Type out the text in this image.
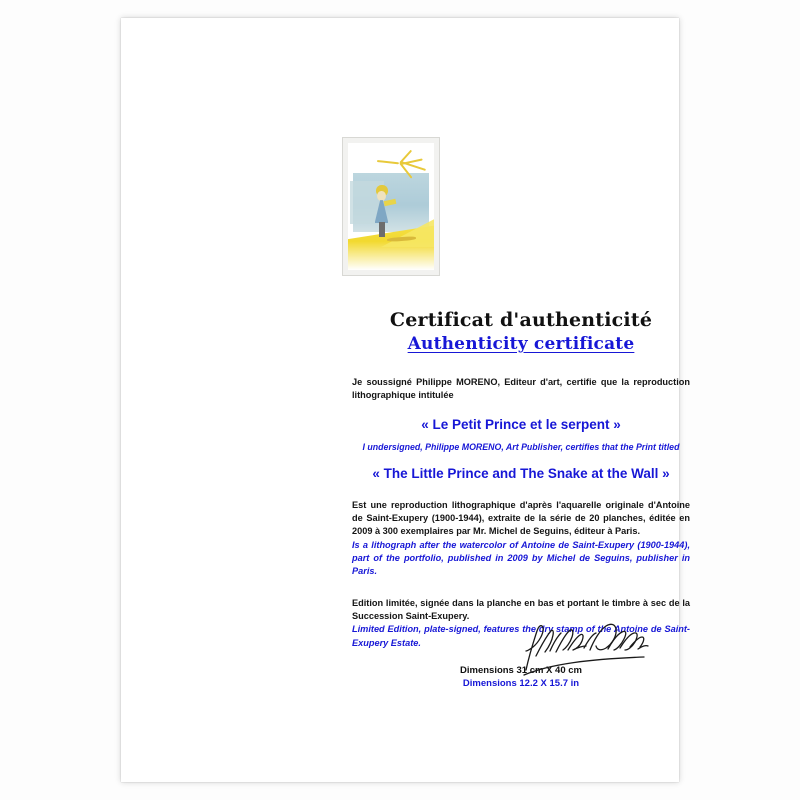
Certificat d'authenticité
Authenticity certificate

Je soussigné Philippe MORENO, Editeur d'art, certifie que la reproduction lithographique intitulée

« Le Petit Prince et le serpent »

I undersigned, Philippe MORENO, Art Publisher, certifies that the Print titled

« The Little Prince and The Snake at the Wall »

Est une reproduction lithographique d'après l'aquarelle originale d'Antoine de Saint-Exupery (1900-1944), extraite de la série de 20 planches, éditée en 2009 à 300 exemplaires par Mr. Michel de Seguins, éditeur à Paris.

Is a lithograph after the watercolor of Antoine de Saint-Exupery (1900-1944), part of the portfolio, published in 2009 by Michel de Seguins, publisher in Paris.

Edition limitée, signée dans la planche en bas et portant le timbre à sec de la Succession Saint-Exupery.

Limited Edition, plate-signed, features the dry stamp of the Antoine de Saint-Exupery Estate.

Dimensions 31 cm X 40 cm

Dimensions 12.2 X 15.7 in
